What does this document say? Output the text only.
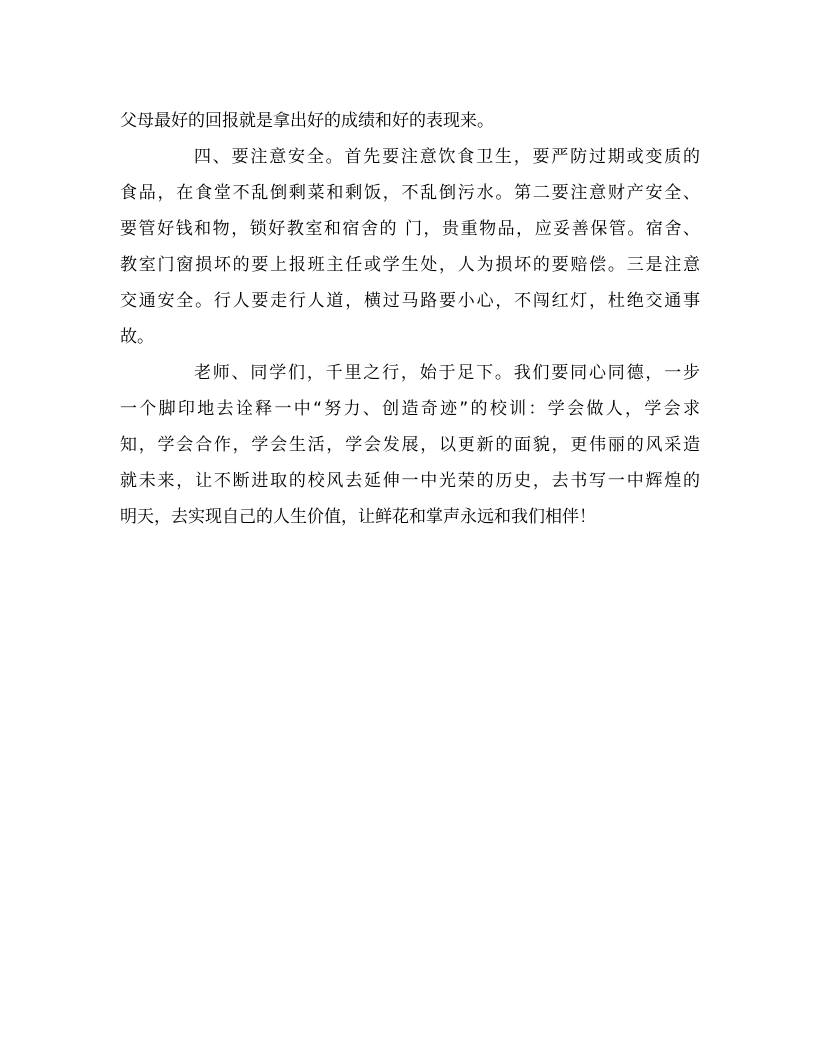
父母最好的回报就是拿出好的成绩和好的表现来。
四、要注意安全。首先要注意饮食卫生，要严防过期或变质的
食品，在食堂不乱倒剩菜和剩饭，不乱倒污水。第二要注意财产安全、
要管好钱和物，锁好教室和宿舍的 门，贵重物品，应妥善保管。宿舍、
教室门窗损坏的要上报班主任或学生处，人为损坏的要赔偿。三是注意
交通安全。行人要走行人道，横过马路要小心，不闯红灯，杜绝交通事
故。
老师、同学们，千里之行，始于足下。我们要同心同德，一步
一个脚印地去诠释一中“努力、创造奇迹”的校训：学会做人，学会求
知，学会合作，学会生活，学会发展，以更新的面貌，更伟丽的风采造
就未来，让不断进取的校风去延伸一中光荣的历史，去书写一中辉煌的
明天，去实现自己的人生价值，让鲜花和掌声永远和我们相伴！
